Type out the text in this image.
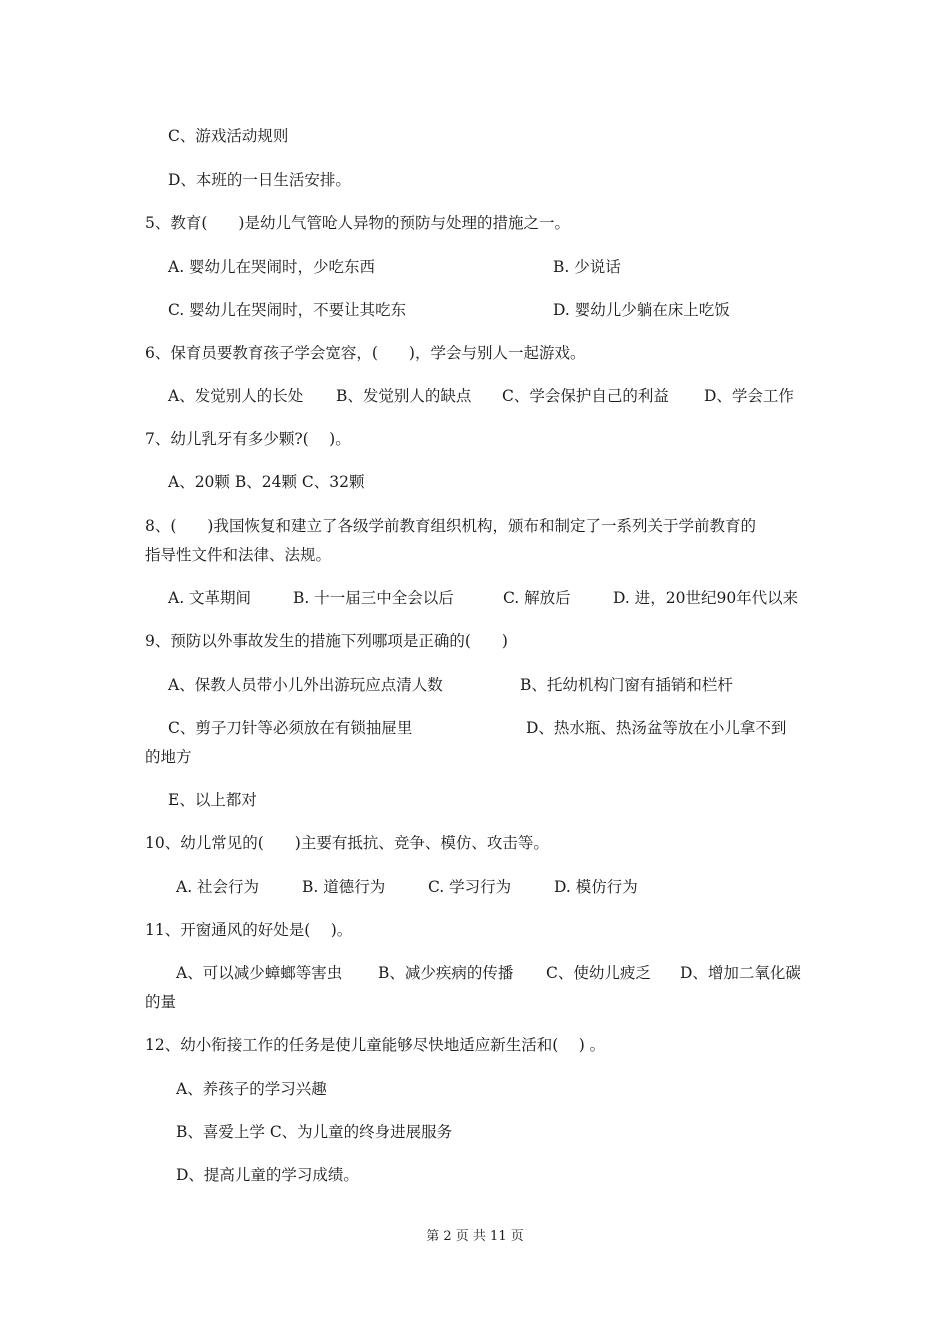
C、游戏活动规则
D、本班的一日生活安排。
5、教育(　　)是幼儿气管呛人异物的预防与处理的措施之一。
A. 婴幼儿在哭闹时，少吃东西	B. 少说话
C. 婴幼儿在哭闹时，不要让其吃东	D. 婴幼儿少躺在床上吃饭
6、保育员要教育孩子学会宽容，(　　)，学会与别人一起游戏。
A、发觉别人的长处 B、发觉别人的缺点 C、学会保护自己的利益 D、学会工作
7、幼儿乳牙有多少颗?(　 )。
A、20颗 B、24颗 C、32颗
8、(　　)我国恢复和建立了各级学前教育组织机构，颁布和制定了一系列关于学前教育的
指导性文件和法律、法规。
A. 文革期间	B. 十一届三中全会以后	C. 解放后	D. 进，20世纪90年代以来
9、预防以外事故发生的措施下列哪项是正确的(　　)
A、保教人员带小儿外出游玩应点清人数	B、托幼机构门窗有插销和栏杆
C、剪子刀针等必须放在有锁抽屉里	D、热水瓶、热汤盆等放在小儿拿不到
的地方
E、以上都对
10、幼儿常见的(　　)主要有抵抗、竞争、模仿、攻击等。
A. 社会行为	B. 道德行为	C. 学习行为	D. 模仿行为
11、开窗通风的好处是(　 )。
A、可以减少蟑螂等害虫 B、减少疾病的传播 C、使幼儿疲乏 D、增加二氧化碳
的量
12、幼小衔接工作的任务是使儿童能够尽快地适应新生活和(　 ) 。
A、养孩子的学习兴趣
B、喜爱上学 C、为儿童的终身进展服务
D、提高儿童的学习成绩。
第 2 页 共 11 页
